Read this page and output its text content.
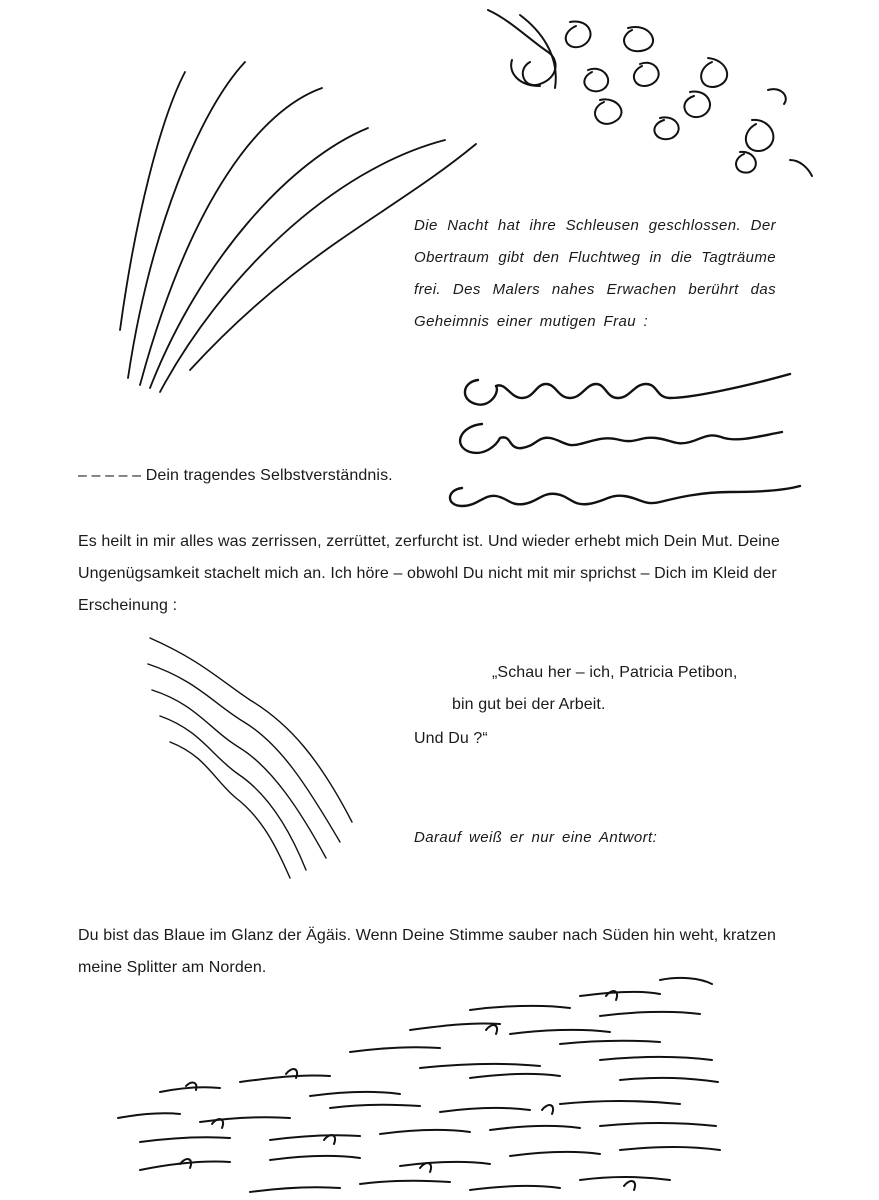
Die Nacht hat ihre Schleusen geschlossen. Der Obertraum gibt den Fluchtweg in die Tagträume frei. Des Malers nahes Erwachen berührt das Geheimnis einer mutigen Frau :

– – – – – Dein tragendes Selbstverständnis.

Es heilt in mir alles was zerrissen, zerrüttet, zerfurcht ist. Und wieder erhebt mich Dein Mut. Deine Ungenügsamkeit stachelt mich an. Ich höre – obwohl Du nicht mit mir sprichst – Dich im Kleid der Erscheinung :

„Schau her – ich, Patricia Petibon,

bin gut bei der Arbeit.

Und Du ?“

Darauf weiß er nur eine Antwort:

Du bist das Blaue im Glanz der Ägäis. Wenn Deine Stimme sauber nach Süden hin weht, kratzen meine Splitter am Norden.
